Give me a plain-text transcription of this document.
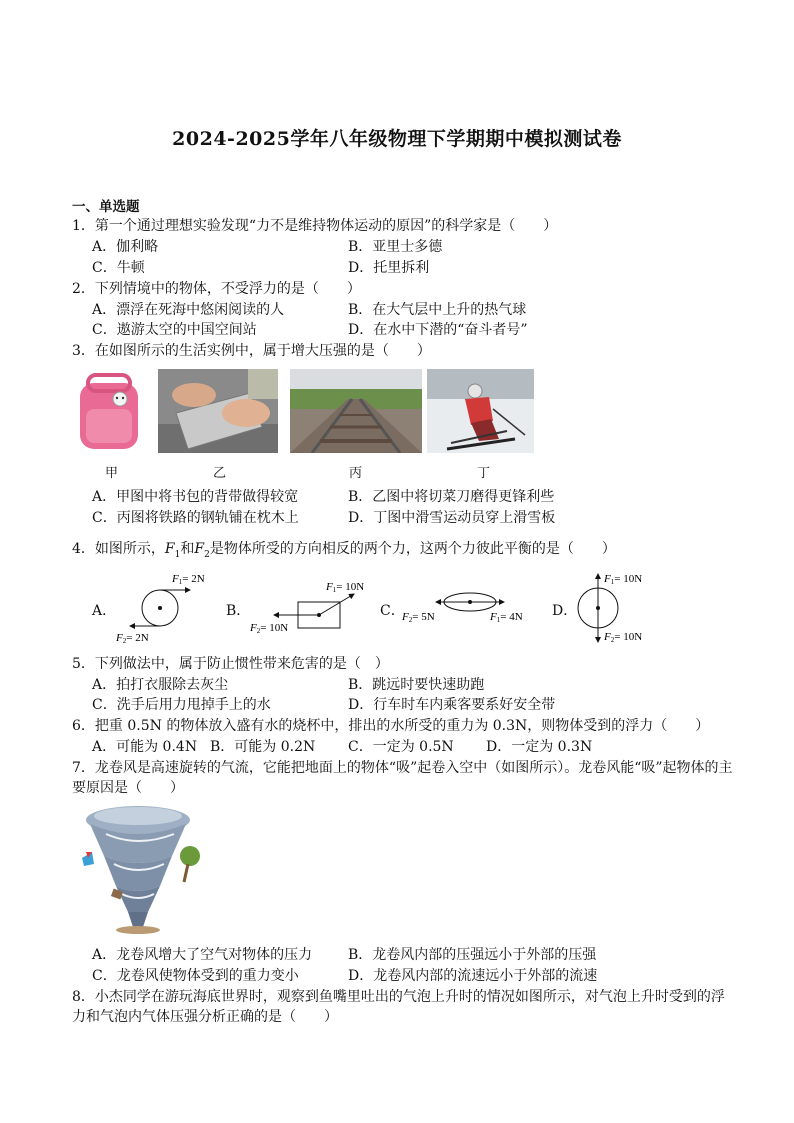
2024-2025学年八年级物理下学期期中模拟测试卷
一、单选题
1．第一个通过理想实验发现“力不是维持物体运动的原因”的科学家是（　　）
A．伽利略	B．亚里士多德
C．牛顿	D．托里拆利
2．下列情境中的物体，不受浮力的是（　　）
A．漂浮在死海中悠闲阅读的人	B．在大气层中上升的热气球
C．遨游太空的中国空间站	D．在水中下潜的“奋斗者号”
3．在如图所示的生活实例中，属于增大压强的是（　　）
甲	乙	丙	丁
A．甲图中将书包的背带做得较宽	B．乙图中将切菜刀磨得更锋利些
C．丙图将铁路的钢轨铺在枕木上	D．丁图中滑雪运动员穿上滑雪板
4．如图所示，$F_1$和$F_2$是物体所受的方向相反的两个力，这两个力彼此平衡的是（　　）
A．
F1= 2N
F2= 2N
B．
F1= 10N
F2= 10N
C．
F2= 5N	F1= 4N D．
F1= 10N
F2= 10N
5．下列做法中，属于防止惯性带来危害的是（　）
A．拍打衣服除去灰尘	B．跳远时要快速助跑
C．洗手后用力甩掉手上的水	D．行车时车内乘客要系好安全带
6．把重 0.5N 的物体放入盛有水的烧杯中，排出的水所受的重力为 0.3N，则物体受到的浮力（　　）
A．可能为 0.4N B．可能为 0.2N C．一定为 0.5N D．一定为 0.3N
7．龙卷风是高速旋转的气流，它能把地面上的物体“吸”起卷入空中（如图所示）。龙卷风能“吸”起物体的主
要原因是（　　）
A．龙卷风增大了空气对物体的压力	B．龙卷风内部的压强远小于外部的压强
C．龙卷风使物体受到的重力变小	D．龙卷风内部的流速远小于外部的流速
8．小杰同学在游玩海底世界时，观察到鱼嘴里吐出的气泡上升时的情况如图所示，对气泡上升时受到的浮
力和气泡内气体压强分析正确的是（　　）
